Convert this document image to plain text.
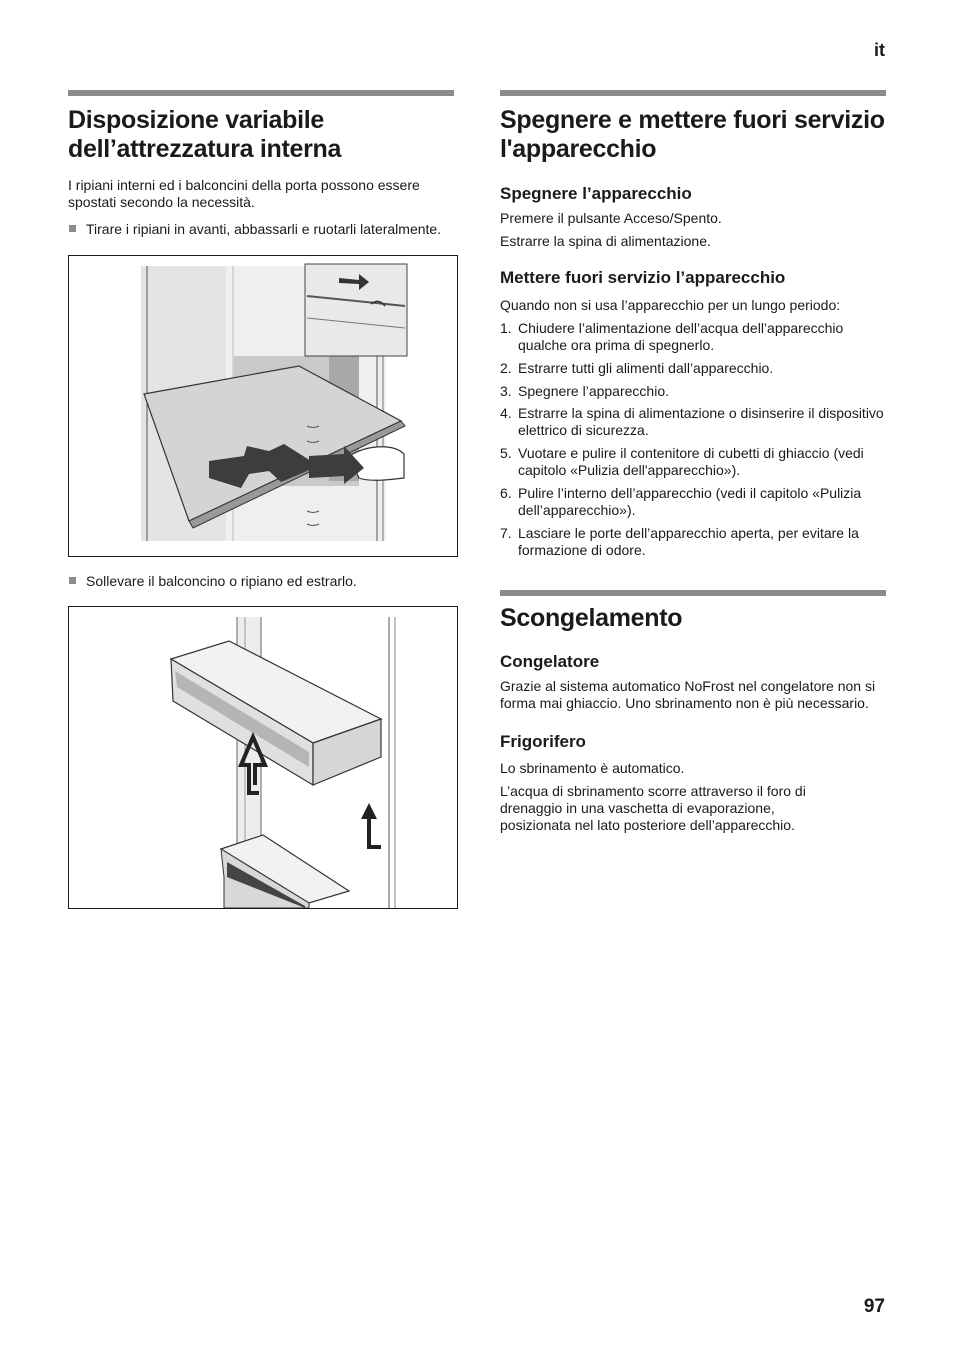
it
Disposizione variabile dell’attrezzatura interna

I ripiani interni ed i balconcini della porta possono essere spostati secondo la necessità.

Tirare i ripiani in avanti, abbassarli e ruotarli lateralmente.
Sollevare il balconcino o ripiano ed estrarlo.
Spegnere e mettere fuori servizio l'apparecchio
Spegnere l’apparecchio

Premere il pulsante Acceso/Spento.

Estrarre la spina di alimentazione.

Mettere fuori servizio l’apparecchio

Quando non si usa l’apparecchio per un lungo periodo:

1. Chiudere l’alimentazione dell’acqua dell’apparecchio qualche ora prima di spegnerlo.
2. Estrarre tutti gli alimenti dall’apparecchio.
3. Spegnere l’apparecchio.
4. Estrarre la spina di alimentazione o disinserire il dispositivo elettrico di sicurezza.
5. Vuotare e pulire il contenitore di cubetti di ghiaccio (vedi capitolo «Pulizia dell'apparecchio»).
6. Pulire l’interno dell’apparecchio (vedi il capitolo «Pulizia dell’apparecchio»).
7. Lasciare le porte dell’apparecchio aperta, per evitare la formazione di odore.
Scongelamento
Congelatore

Grazie al sistema automatico NoFrost nel congelatore non si forma mai ghiaccio. Uno sbrinamento non è più necessario.

Frigorifero

Lo sbrinamento è automatico.

L’acqua di sbrinamento scorre attraverso il foro di drenaggio in una vaschetta di evaporazione, posizionata nel lato posteriore dell’apparecchio.

97
